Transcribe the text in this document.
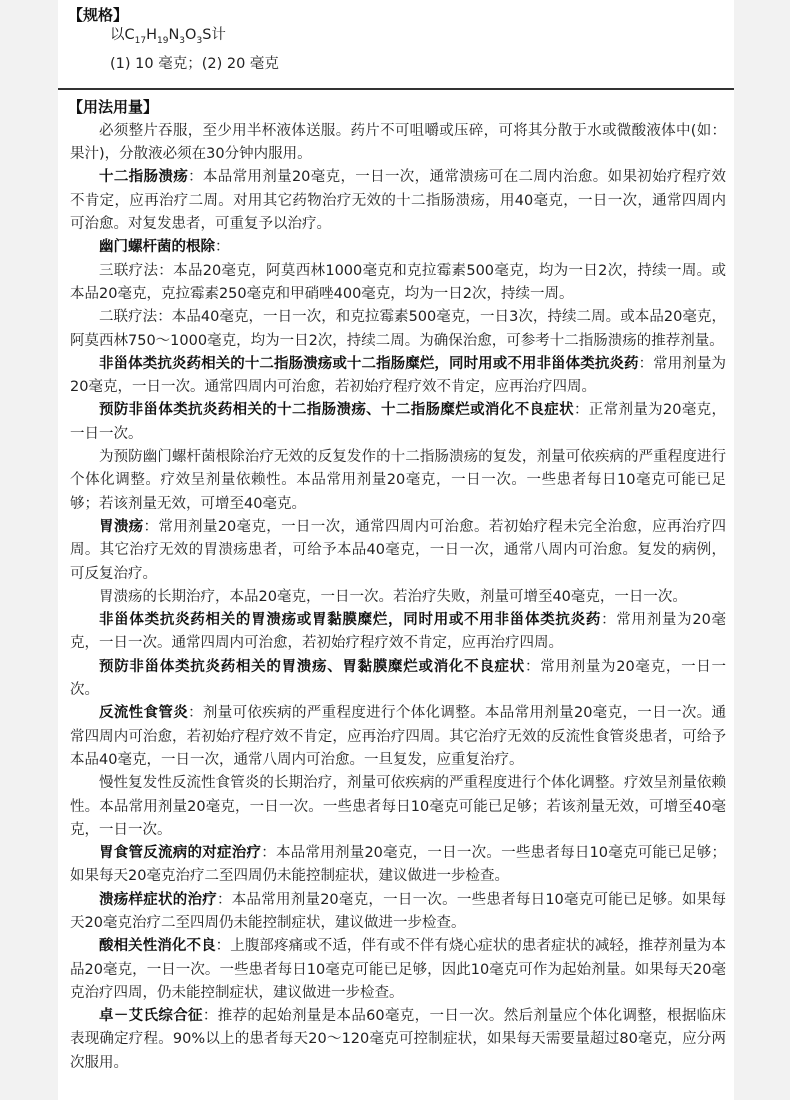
【规格】
以$C_{17}H_{19}N_3O_3S$计
(1) 10 毫克；(2) 20 毫克
【用法用量】

必须整片吞服，至少用半杯液体送服。药片不可咀嚼或压碎，可将其分散于水或微酸液体中(如：果汁)，分散液必须在30分钟内服用。

十二指肠溃疡：本品常用剂量20毫克，一日一次，通常溃疡可在二周内治愈。如果初始疗程疗效不肯定，应再治疗二周。对用其它药物治疗无效的十二指肠溃疡，用40毫克，一日一次，通常四周内可治愈。对复发患者，可重复予以治疗。

幽门螺杆菌的根除：

三联疗法：本品20毫克，阿莫西林1000毫克和克拉霉素500毫克，均为一日2次，持续一周。或本品20毫克，克拉霉素250毫克和甲硝唑400毫克，均为一日2次，持续一周。

二联疗法：本品40毫克，一日一次，和克拉霉素500毫克，一日3次，持续二周。或本品20毫克，阿莫西林750～1000毫克，均为一日2次，持续二周。为确保治愈，可参考十二指肠溃疡的推荐剂量。

非甾体类抗炎药相关的十二指肠溃疡或十二指肠糜烂，同时用或不用非甾体类抗炎药：常用剂量为20毫克，一日一次。通常四周内可治愈，若初始疗程疗效不肯定，应再治疗四周。

预防非甾体类抗炎药相关的十二指肠溃疡、十二指肠糜烂或消化不良症状：正常剂量为20毫克，一日一次。

为预防幽门螺杆菌根除治疗无效的反复发作的十二指肠溃疡的复发，剂量可依疾病的严重程度进行个体化调整。疗效呈剂量依赖性。本品常用剂量20毫克，一日一次。一些患者每日10毫克可能已足够；若该剂量无效，可增至40毫克。

胃溃疡：常用剂量20毫克，一日一次，通常四周内可治愈。若初始疗程未完全治愈，应再治疗四周。其它治疗无效的胃溃疡患者，可给予本品40毫克，一日一次，通常八周内可治愈。复发的病例，可反复治疗。

胃溃疡的长期治疗，本品20毫克，一日一次。若治疗失败，剂量可增至40毫克，一日一次。

非甾体类抗炎药相关的胃溃疡或胃黏膜糜烂，同时用或不用非甾体类抗炎药：常用剂量为20毫克，一日一次。通常四周内可治愈，若初始疗程疗效不肯定，应再治疗四周。

预防非甾体类抗炎药相关的胃溃疡、胃黏膜糜烂或消化不良症状：常用剂量为20毫克，一日一次。

反流性食管炎：剂量可依疾病的严重程度进行个体化调整。本品常用剂量20毫克，一日一次。通常四周内可治愈，若初始疗程疗效不肯定，应再治疗四周。其它治疗无效的反流性食管炎患者，可给予本品40毫克，一日一次，通常八周内可治愈。一旦复发，应重复治疗。

慢性复发性反流性食管炎的长期治疗，剂量可依疾病的严重程度进行个体化调整。疗效呈剂量依赖性。本品常用剂量20毫克，一日一次。一些患者每日10毫克可能已足够；若该剂量无效，可增至40毫克，一日一次。

胃食管反流病的对症治疗：本品常用剂量20毫克，一日一次。一些患者每日10毫克可能已足够；如果每天20毫克治疗二至四周仍未能控制症状，建议做进一步检查。

溃疡样症状的治疗：本品常用剂量20毫克，一日一次。一些患者每日10毫克可能已足够。如果每天20毫克治疗二至四周仍未能控制症状，建议做进一步检查。

酸相关性消化不良：上腹部疼痛或不适，伴有或不伴有烧心症状的患者症状的减轻，推荐剂量为本品20毫克，一日一次。一些患者每日10毫克可能已足够，因此10毫克可作为起始剂量。如果每天20毫克治疗四周，仍未能控制症状，建议做进一步检查。

卓－艾氏综合征：推荐的起始剂量是本品60毫克，一日一次。然后剂量应个体化调整，根据临床表现确定疗程。90%以上的患者每天20～120毫克可控制症状，如果每天需要量超过80毫克，应分两次服用。
